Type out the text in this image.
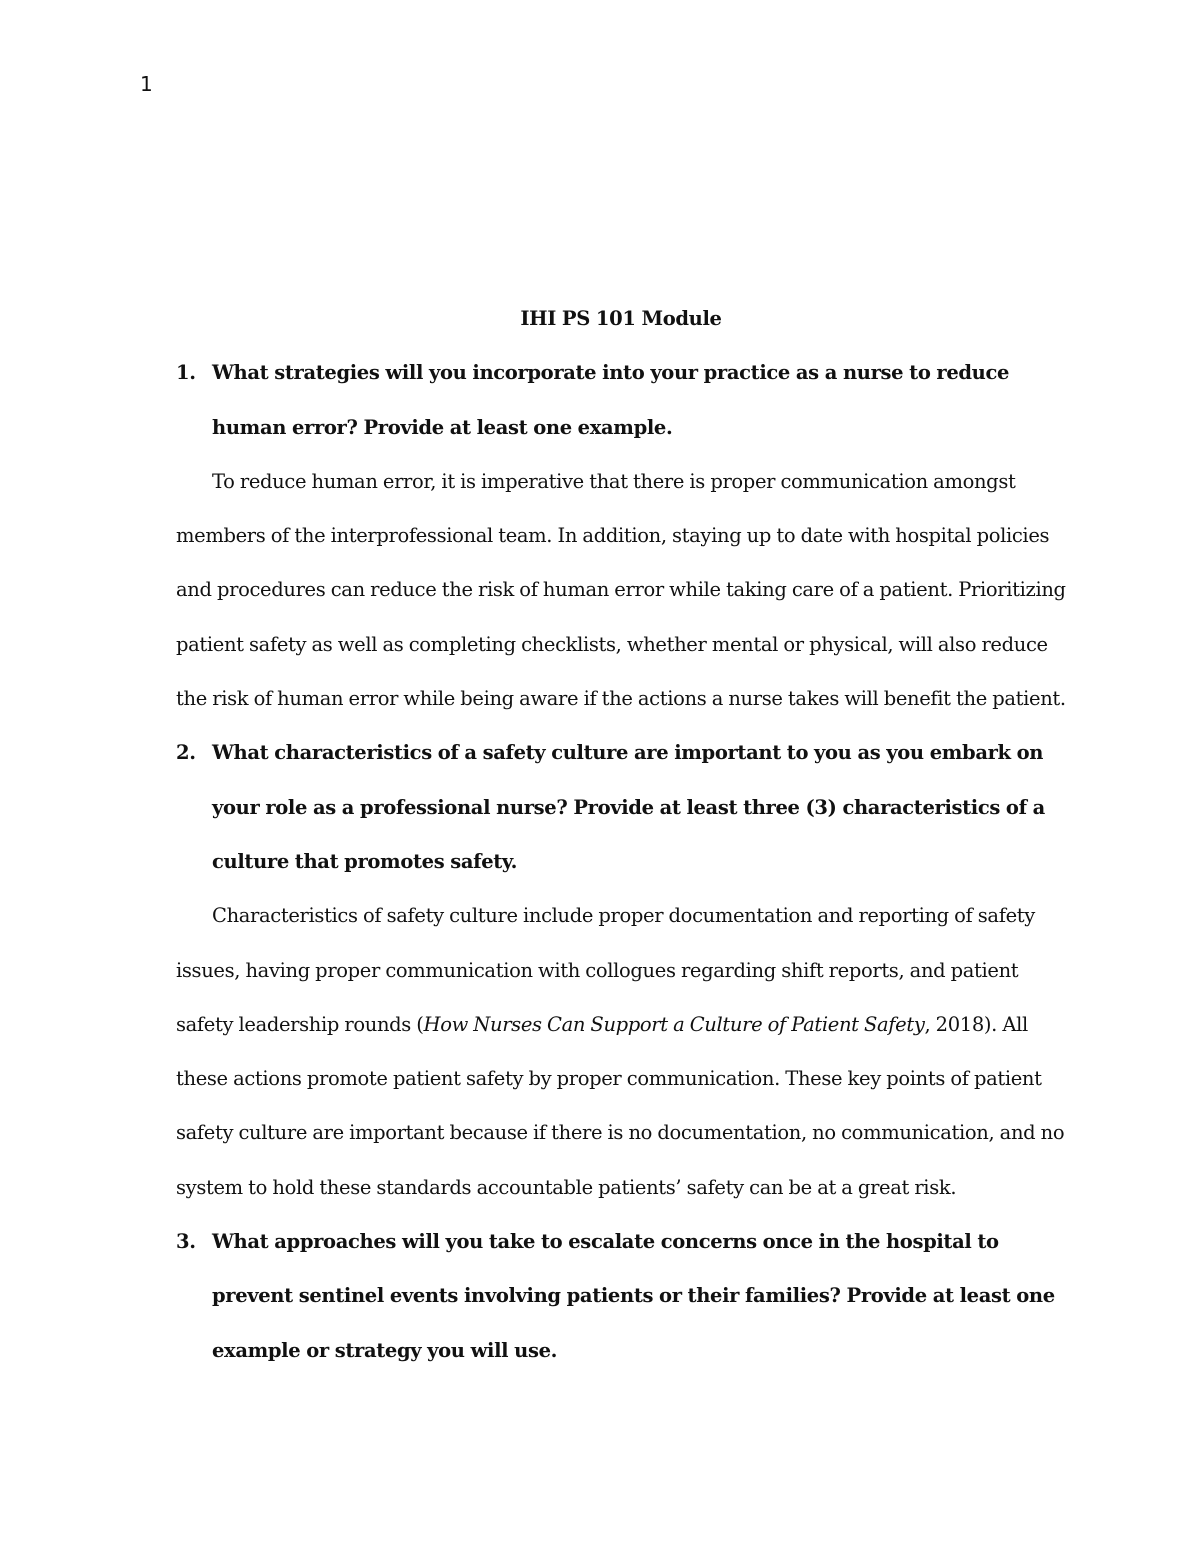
1

IHI PS 101 Module

1. What strategies will you incorporate into your practice as a nurse to reduce human error? Provide at least one example.

To reduce human error, it is imperative that there is proper communication amongst members of the interprofessional team. In addition, staying up to date with hospital policies and procedures can reduce the risk of human error while taking care of a patient. Prioritizing patient safety as well as completing checklists, whether mental or physical, will also reduce the risk of human error while being aware if the actions a nurse takes will benefit the patient.

2. What characteristics of a safety culture are important to you as you embark on your role as a professional nurse? Provide at least three (3) characteristics of a culture that promotes safety.

Characteristics of safety culture include proper documentation and reporting of safety issues, having proper communication with collogues regarding shift reports, and patient safety leadership rounds (How Nurses Can Support a Culture of Patient Safety, 2018). All these actions promote patient safety by proper communication. These key points of patient safety culture are important because if there is no documentation, no communication, and no system to hold these standards accountable patients’ safety can be at a great risk.

3. What approaches will you take to escalate concerns once in the hospital to prevent sentinel events involving patients or their families? Provide at least one example or strategy you will use.
